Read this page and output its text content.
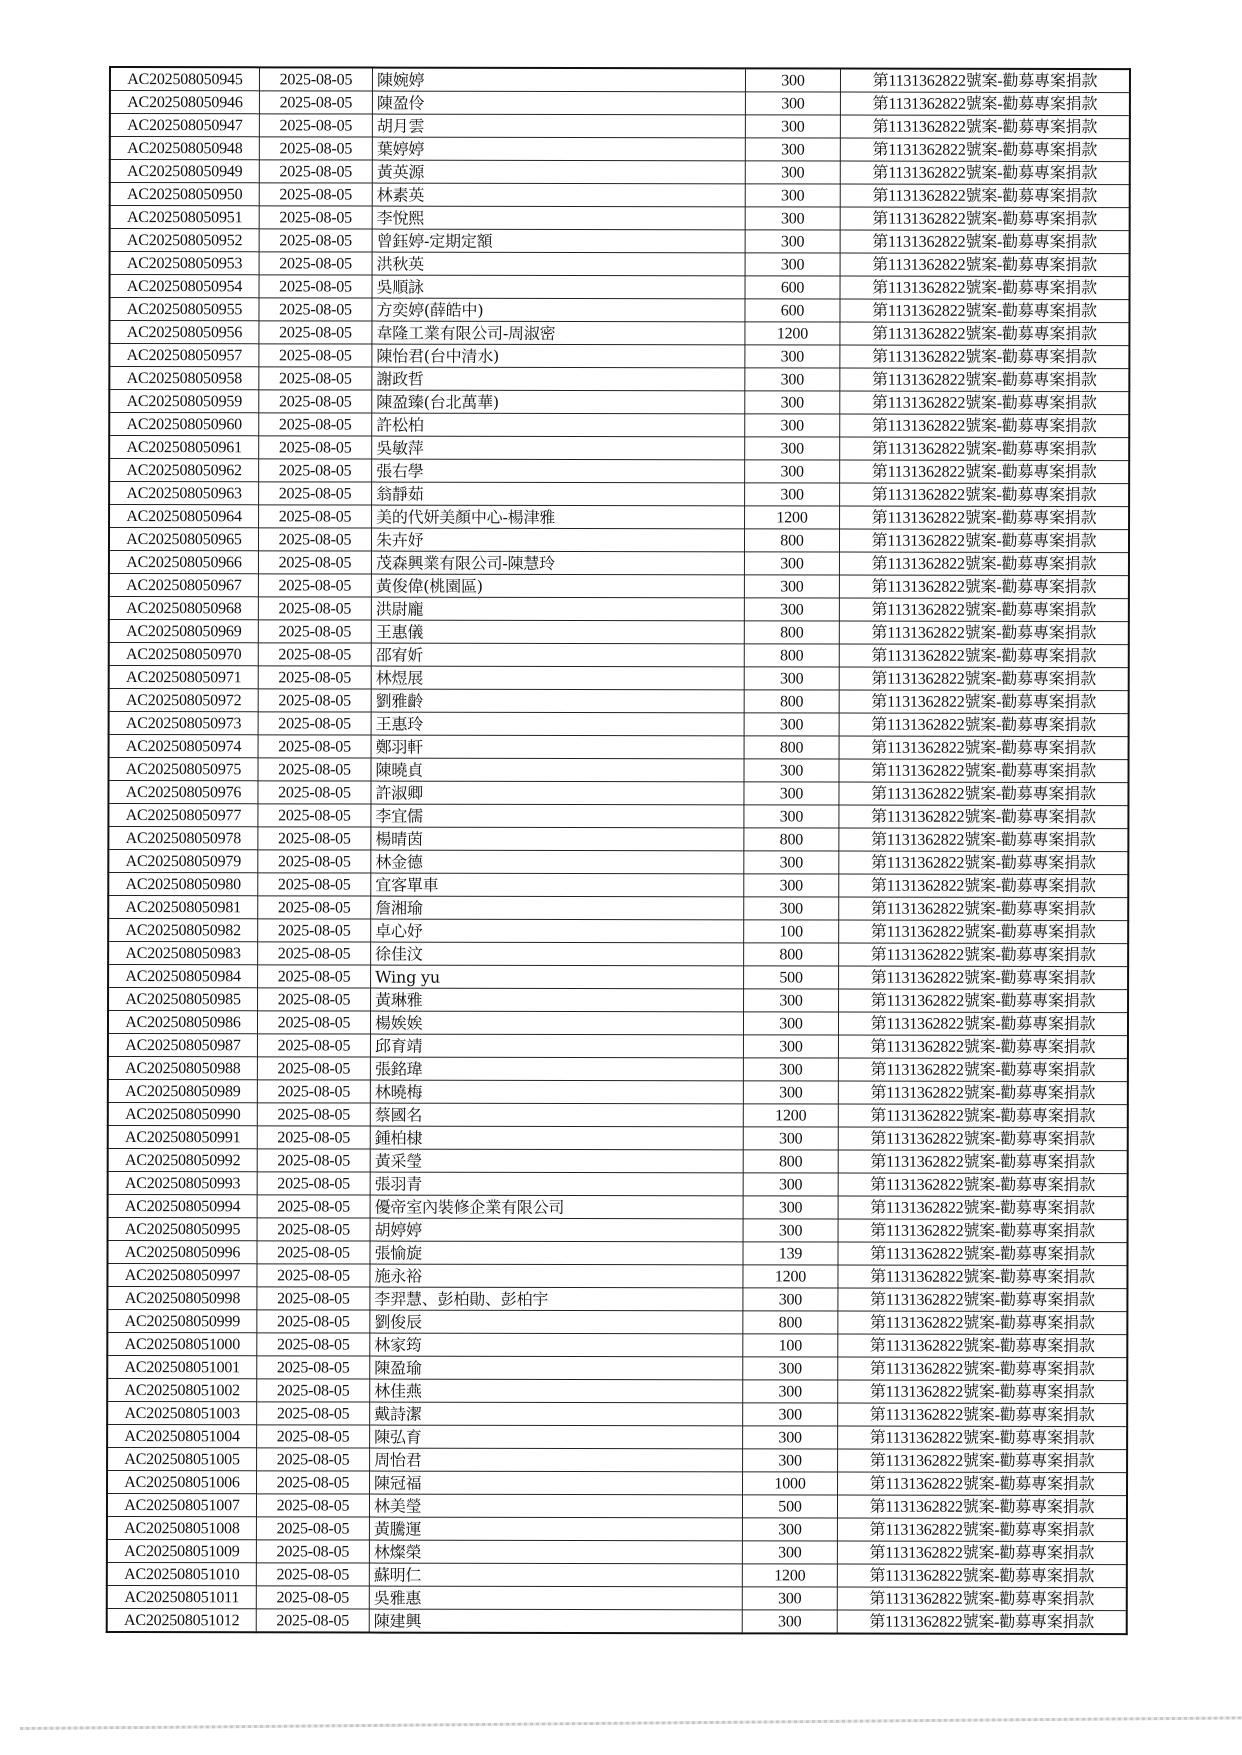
AC202508050945	2025-08-05	陳婉婷	300	第1131362822號案-勸募專案捐款
AC202508050946	2025-08-05	陳盈伶	300	第1131362822號案-勸募專案捐款
AC202508050947	2025-08-05	胡月雲	300	第1131362822號案-勸募專案捐款
AC202508050948	2025-08-05	葉婷婷	300	第1131362822號案-勸募專案捐款
AC202508050949	2025-08-05	黃英源	300	第1131362822號案-勸募專案捐款
AC202508050950	2025-08-05	林素英	300	第1131362822號案-勸募專案捐款
AC202508050951	2025-08-05	李悅熙	300	第1131362822號案-勸募專案捐款
AC202508050952	2025-08-05	曾鈺婷-定期定額	300	第1131362822號案-勸募專案捐款
AC202508050953	2025-08-05	洪秋英	300	第1131362822號案-勸募專案捐款
AC202508050954	2025-08-05	吳順詠	600	第1131362822號案-勸募專案捐款
AC202508050955	2025-08-05	方奕婷(薛皓中)	600	第1131362822號案-勸募專案捐款
AC202508050956	2025-08-05	韋隆工業有限公司-周淑密	1200	第1131362822號案-勸募專案捐款
AC202508050957	2025-08-05	陳怡君(台中清水)	300	第1131362822號案-勸募專案捐款
AC202508050958	2025-08-05	謝政哲	300	第1131362822號案-勸募專案捐款
AC202508050959	2025-08-05	陳盈臻(台北萬華)	300	第1131362822號案-勸募專案捐款
AC202508050960	2025-08-05	許松柏	300	第1131362822號案-勸募專案捐款
AC202508050961	2025-08-05	吳敏萍	300	第1131362822號案-勸募專案捐款
AC202508050962	2025-08-05	張右學	300	第1131362822號案-勸募專案捐款
AC202508050963	2025-08-05	翁靜茹	300	第1131362822號案-勸募專案捐款
AC202508050964	2025-08-05	美的代妍美顏中心-楊津雅	1200	第1131362822號案-勸募專案捐款
AC202508050965	2025-08-05	朱卉妤	800	第1131362822號案-勸募專案捐款
AC202508050966	2025-08-05	茂森興業有限公司-陳慧玲	300	第1131362822號案-勸募專案捐款
AC202508050967	2025-08-05	黃俊偉(桃園區)	300	第1131362822號案-勸募專案捐款
AC202508050968	2025-08-05	洪尉龐	300	第1131362822號案-勸募專案捐款
AC202508050969	2025-08-05	王惠儀	800	第1131362822號案-勸募專案捐款
AC202508050970	2025-08-05	邵宥妡	800	第1131362822號案-勸募專案捐款
AC202508050971	2025-08-05	林煜展	300	第1131362822號案-勸募專案捐款
AC202508050972	2025-08-05	劉雅齡	800	第1131362822號案-勸募專案捐款
AC202508050973	2025-08-05	王惠玲	300	第1131362822號案-勸募專案捐款
AC202508050974	2025-08-05	鄭羽軒	800	第1131362822號案-勸募專案捐款
AC202508050975	2025-08-05	陳曉貞	300	第1131362822號案-勸募專案捐款
AC202508050976	2025-08-05	許淑卿	300	第1131362822號案-勸募專案捐款
AC202508050977	2025-08-05	李宜儒	300	第1131362822號案-勸募專案捐款
AC202508050978	2025-08-05	楊晴茵	800	第1131362822號案-勸募專案捐款
AC202508050979	2025-08-05	林金德	300	第1131362822號案-勸募專案捐款
AC202508050980	2025-08-05	宜客單車	300	第1131362822號案-勸募專案捐款
AC202508050981	2025-08-05	詹湘瑜	300	第1131362822號案-勸募專案捐款
AC202508050982	2025-08-05	卓心妤	100	第1131362822號案-勸募專案捐款
AC202508050983	2025-08-05	徐佳汶	800	第1131362822號案-勸募專案捐款
AC202508050984	2025-08-05	Wing yu	500	第1131362822號案-勸募專案捐款
AC202508050985	2025-08-05	黃琳雅	300	第1131362822號案-勸募專案捐款
AC202508050986	2025-08-05	楊娭娭	300	第1131362822號案-勸募專案捐款
AC202508050987	2025-08-05	邱育靖	300	第1131362822號案-勸募專案捐款
AC202508050988	2025-08-05	張銘瑋	300	第1131362822號案-勸募專案捐款
AC202508050989	2025-08-05	林曉梅	300	第1131362822號案-勸募專案捐款
AC202508050990	2025-08-05	蔡國名	1200	第1131362822號案-勸募專案捐款
AC202508050991	2025-08-05	鍾柏棣	300	第1131362822號案-勸募專案捐款
AC202508050992	2025-08-05	黃采瑩	800	第1131362822號案-勸募專案捐款
AC202508050993	2025-08-05	張羽青	300	第1131362822號案-勸募專案捐款
AC202508050994	2025-08-05	優帝室內裝修企業有限公司	300	第1131362822號案-勸募專案捐款
AC202508050995	2025-08-05	胡婷婷	300	第1131362822號案-勸募專案捐款
AC202508050996	2025-08-05	張愉旋	139	第1131362822號案-勸募專案捐款
AC202508050997	2025-08-05	施永裕	1200	第1131362822號案-勸募專案捐款
AC202508050998	2025-08-05	李羿慧、彭柏勛、彭柏宇	300	第1131362822號案-勸募專案捐款
AC202508050999	2025-08-05	劉俊辰	800	第1131362822號案-勸募專案捐款
AC202508051000	2025-08-05	林家筠	100	第1131362822號案-勸募專案捐款
AC202508051001	2025-08-05	陳盈瑜	300	第1131362822號案-勸募專案捐款
AC202508051002	2025-08-05	林佳燕	300	第1131362822號案-勸募專案捐款
AC202508051003	2025-08-05	戴詩潔	300	第1131362822號案-勸募專案捐款
AC202508051004	2025-08-05	陳弘育	300	第1131362822號案-勸募專案捐款
AC202508051005	2025-08-05	周怡君	300	第1131362822號案-勸募專案捐款
AC202508051006	2025-08-05	陳冠福	1000	第1131362822號案-勸募專案捐款
AC202508051007	2025-08-05	林美瑩	500	第1131362822號案-勸募專案捐款
AC202508051008	2025-08-05	黃騰運	300	第1131362822號案-勸募專案捐款
AC202508051009	2025-08-05	林燦榮	300	第1131362822號案-勸募專案捐款
AC202508051010	2025-08-05	蘇明仁	1200	第1131362822號案-勸募專案捐款
AC202508051011	2025-08-05	吳雅惠	300	第1131362822號案-勸募專案捐款
AC202508051012	2025-08-05	陳建興	300	第1131362822號案-勸募專案捐款
